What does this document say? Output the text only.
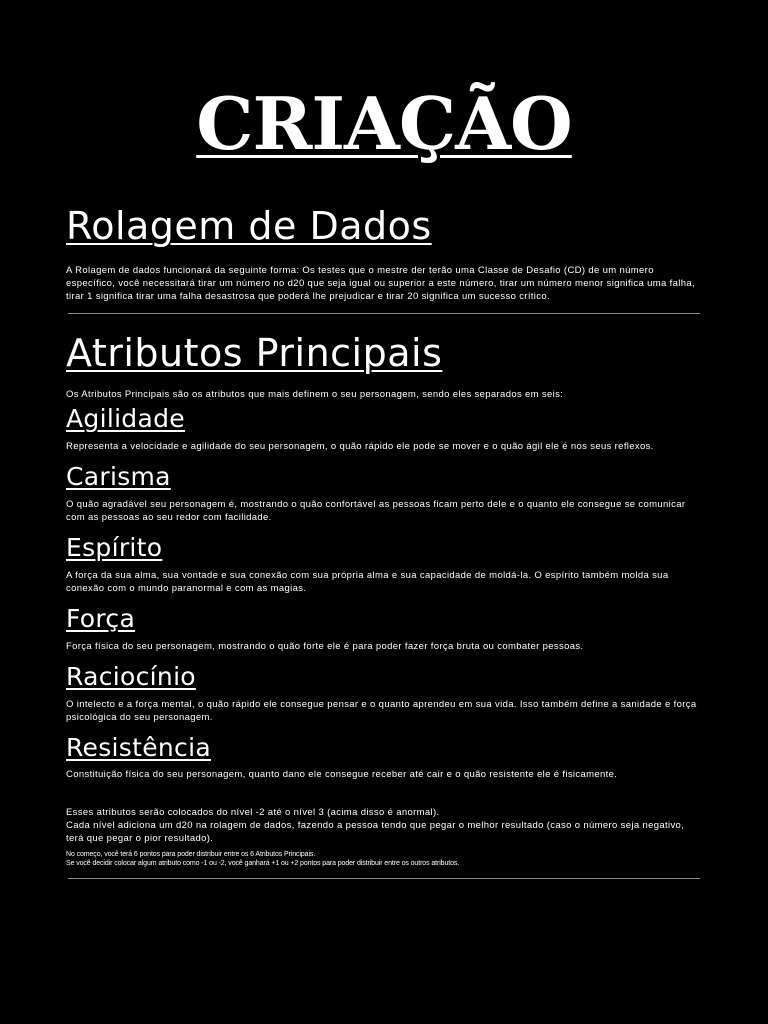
CRIAÇÃO
Rolagem de Dados

A Rolagem de dados funcionará da seguinte forma: Os testes que o mestre der terão uma Classe de Desafio (CD) de um número específico, você necessitará tirar um número no d20 que seja igual ou superior a este número, tirar um número menor significa uma falha, tirar 1 significa tirar uma falha desastrosa que poderá lhe prejudicar e tirar 20 significa um sucesso crítico.

Atributos Principais

Os Atributos Principais são os atributos que mais definem o seu personagem, sendo eles separados em seis:

Agilidade

Representa a velocidade e agilidade do seu personagem, o quão rápido ele pode se mover e o quão ágil ele é nos seus reflexos.

Carisma

O quão agradável seu personagem é, mostrando o quão confortável as pessoas ficam perto dele e o quanto ele consegue se comunicar com as pessoas ao seu redor com facilidade.

Espírito

A força da sua alma, sua vontade e sua conexão com sua própria alma e sua capacidade de moldá-la. O espírito também molda sua conexão com o mundo paranormal e com as magias.

Força

Força física do seu personagem, mostrando o quão forte ele é para poder fazer força bruta ou combater pessoas.

Raciocínio

O intelecto e a força mental, o quão rápido ele consegue pensar e o quanto aprendeu em sua vida. Isso também define a sanidade e força psicológica do seu personagem.

Resistência

Constituição física do seu personagem, quanto dano ele consegue receber até cair e o quão resistente ele é fisicamente.

Esses atributos serão colocados do nível -2 até o nível 3 (acima disso é anormal).

Cada nível adiciona um d20 na rolagem de dados, fazendo a pessoa tendo que pegar o melhor resultado (caso o número seja negativo, terá que pegar o pior resultado).

No começo, você terá 6 pontos para poder distribuir entre os 6 Atributos Principais.

Se você decidir colocar algum atributo como -1 ou -2, você ganhará +1 ou +2 pontos para poder distribuir entre os outros atributos.
